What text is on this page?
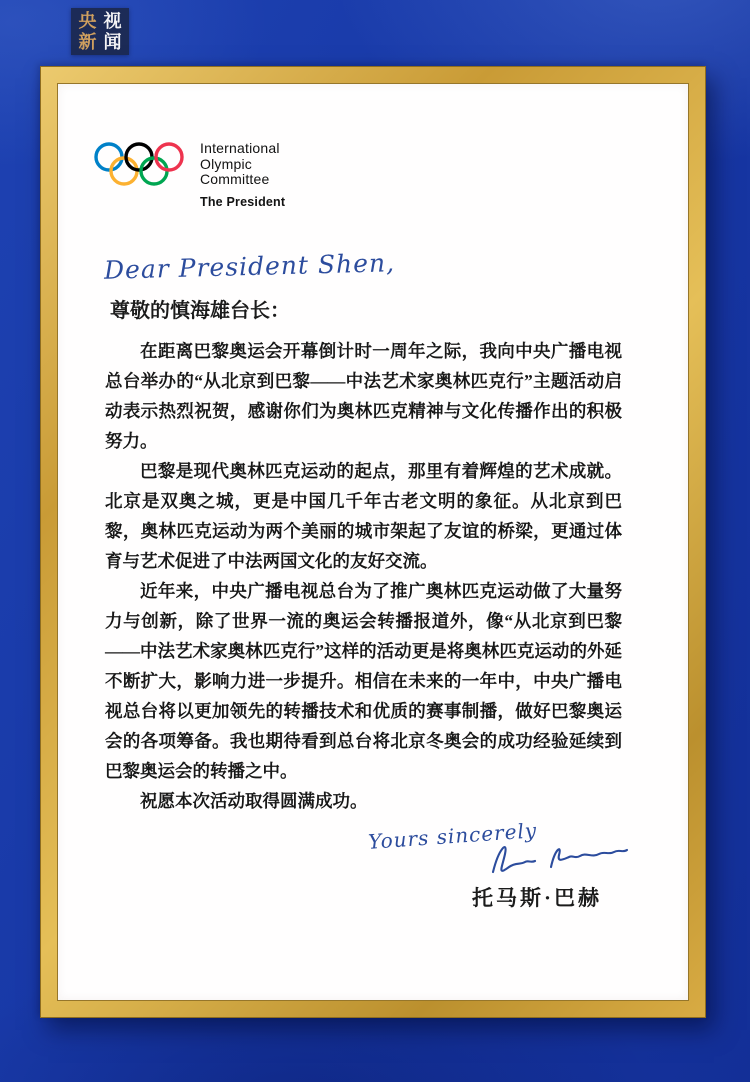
央 视
新 闻
International
Olympic
Committee
The President
Dear President Shen,
尊敬的慎海雄台长：

在距离巴黎奥运会开幕倒计时一周年之际，我向中央广播电视总台举办的“从北京到巴黎——中法艺术家奥林匹克行”主题活动启动表示热烈祝贺，感谢你们为奥林匹克精神与文化传播作出的积极努力。

巴黎是现代奥林匹克运动的起点，那里有着辉煌的艺术成就。北京是双奥之城，更是中国几千年古老文明的象征。从北京到巴黎，奥林匹克运动为两个美丽的城市架起了友谊的桥梁，更通过体育与艺术促进了中法两国文化的友好交流。

近年来，中央广播电视总台为了推广奥林匹克运动做了大量努力与创新，除了世界一流的奥运会转播报道外，像“从北京到巴黎——中法艺术家奥林匹克行”这样的活动更是将奥林匹克运动的外延不断扩大，影响力进一步提升。相信在未来的一年中，中央广播电视总台将以更加领先的转播技术和优质的赛事制播，做好巴黎奥运会的各项筹备。我也期待看到总台将北京冬奥会的成功经验延续到巴黎奥运会的转播之中。

祝愿本次活动取得圆满成功。

Yours sincerely
托马斯·巴赫
